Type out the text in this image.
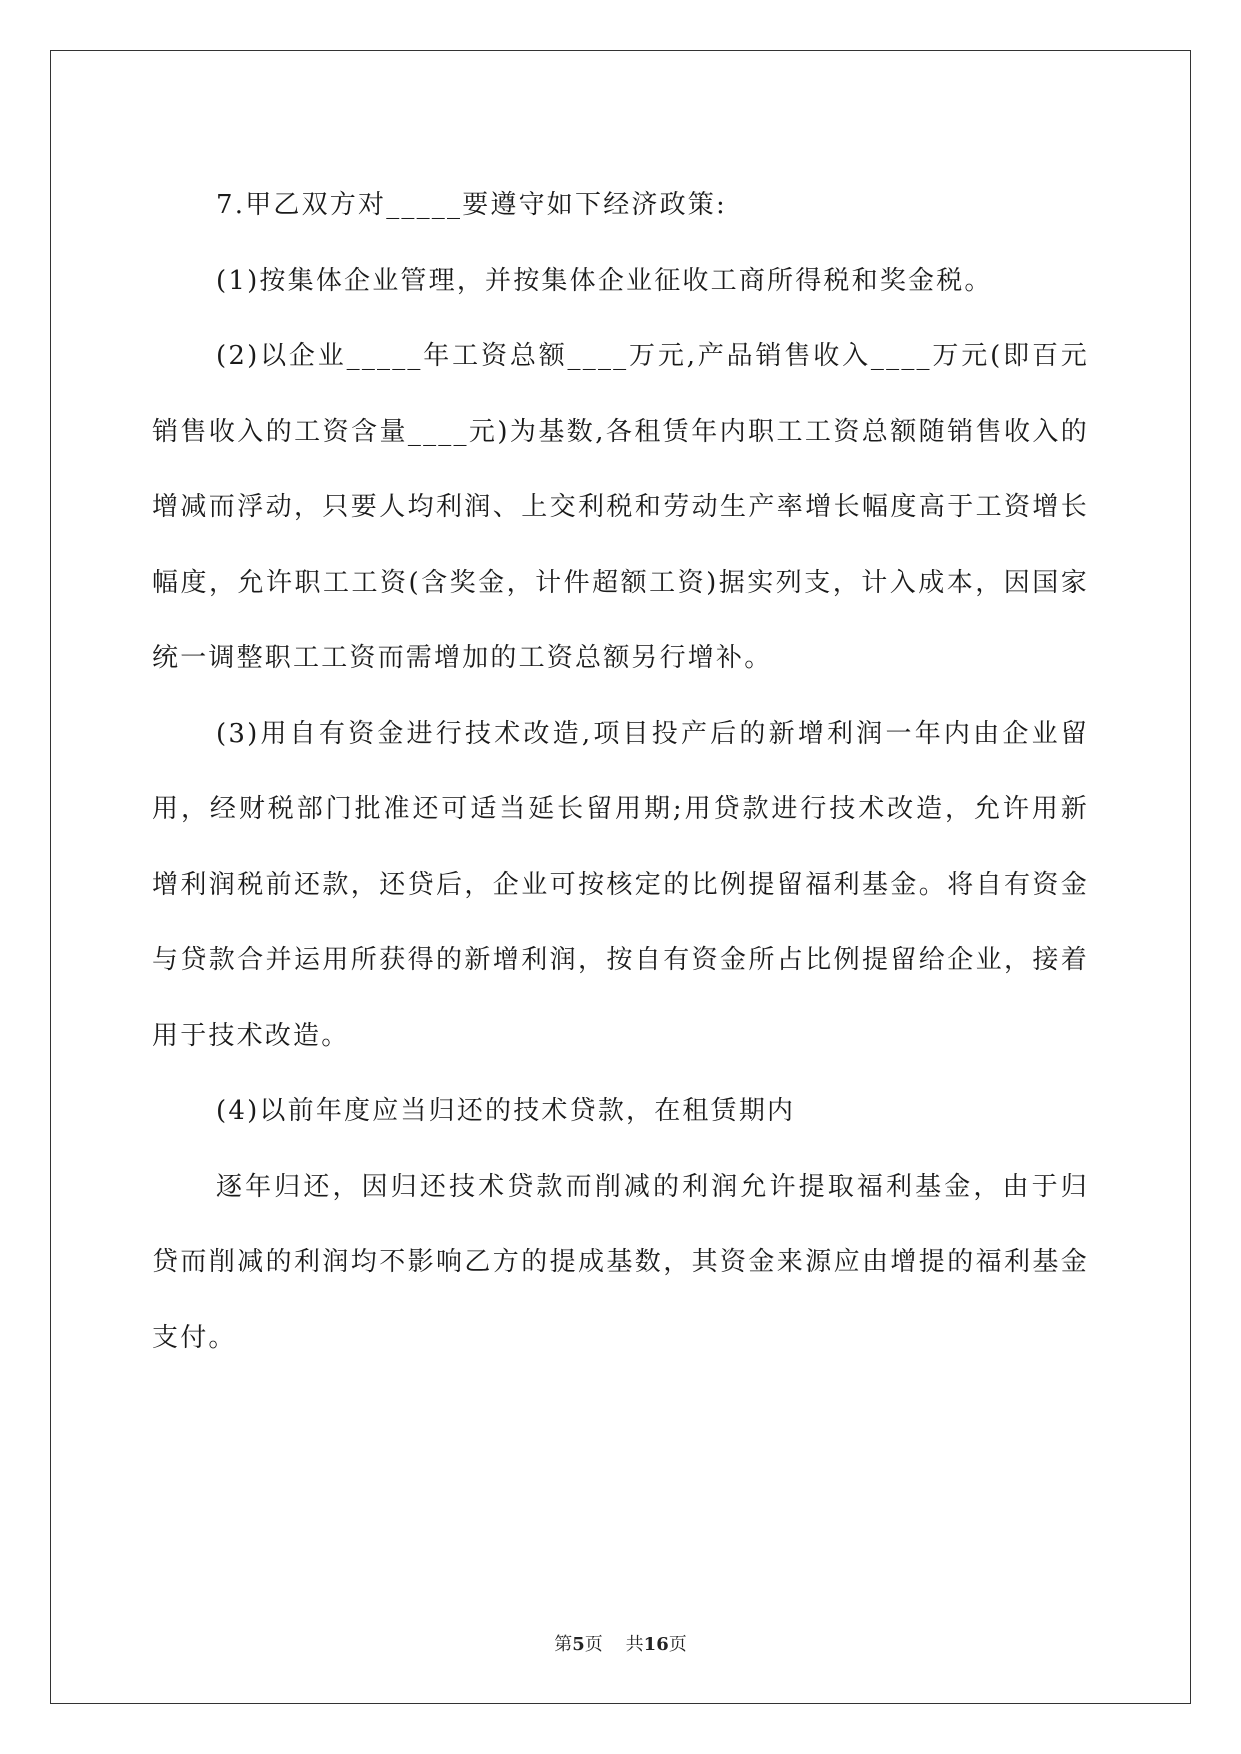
7.甲乙双方对_____要遵守如下经济政策:

(1)按集体企业管理，并按集体企业征收工商所得税和奖金税。

(2)以企业_____年工资总额____万元,产品销售收入____万元(即百元销售收入的工资含量____元)为基数,各租赁年内职工工资总额随销售收入的增减而浮动，只要人均利润、上交利税和劳动生产率增长幅度高于工资增长幅度，允许职工工资(含奖金，计件超额工资)据实列支，计入成本，因国家统一调整职工工资而需增加的工资总额另行增补。

(3)用自有资金进行技术改造,项目投产后的新增利润一年内由企业留用，经财税部门批准还可适当延长留用期;用贷款进行技术改造，允许用新增利润税前还款，还贷后，企业可按核定的比例提留福利基金。将自有资金与贷款合并运用所获得的新增利润，按自有资金所占比例提留给企业，接着用于技术改造。

(4)以前年度应当归还的技术贷款，在租赁期内

逐年归还，因归还技术贷款而削减的利润允许提取福利基金，由于归贷而削减的利润均不影响乙方的提成基数，其资金来源应由增提的福利基金支付。

第5页 共16页
